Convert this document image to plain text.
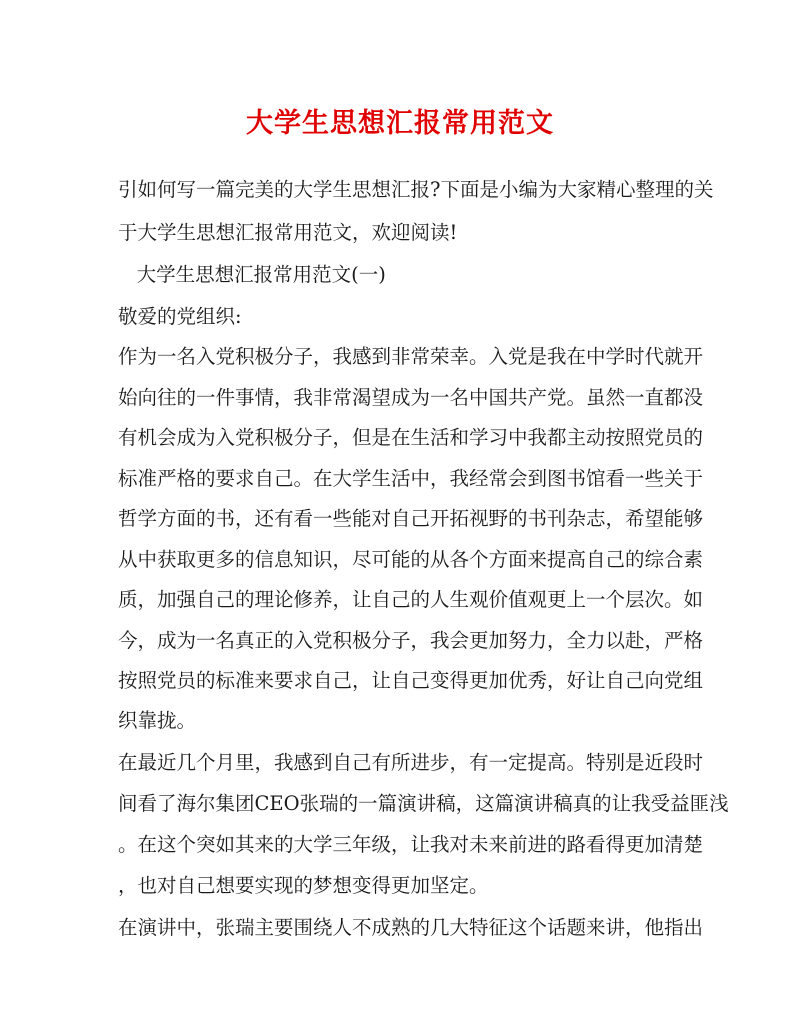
大学生思想汇报常用范文

引如何写一篇完美的大学生思想汇报?下面是小编为大家精心整理的关

于大学生思想汇报常用范文，欢迎阅读!

大学生思想汇报常用范文(一)

敬爱的党组织:

作为一名入党积极分子，我感到非常荣幸。入党是我在中学时代就开

始向往的一件事情，我非常渴望成为一名中国共产党。虽然一直都没

有机会成为入党积极分子，但是在生活和学习中我都主动按照党员的

标准严格的要求自己。在大学生活中，我经常会到图书馆看一些关于

哲学方面的书，还有看一些能对自己开拓视野的书刊杂志，希望能够

从中获取更多的信息知识，尽可能的从各个方面来提高自己的综合素

质，加强自己的理论修养，让自己的人生观价值观更上一个层次。如

今，成为一名真正的入党积极分子，我会更加努力，全力以赴，严格

按照党员的标准来要求自己，让自己变得更加优秀，好让自己向党组

织靠拢。

在最近几个月里，我感到自己有所进步，有一定提高。特别是近段时

间看了海尔集团CEO张瑞的一篇演讲稿，这篇演讲稿真的让我受益匪浅

。在这个突如其来的大学三年级，让我对未来前进的路看得更加清楚

，也对自己想要实现的梦想变得更加坚定。

在演讲中，张瑞主要围绕人不成熟的几大特征这个话题来讲，他指出
